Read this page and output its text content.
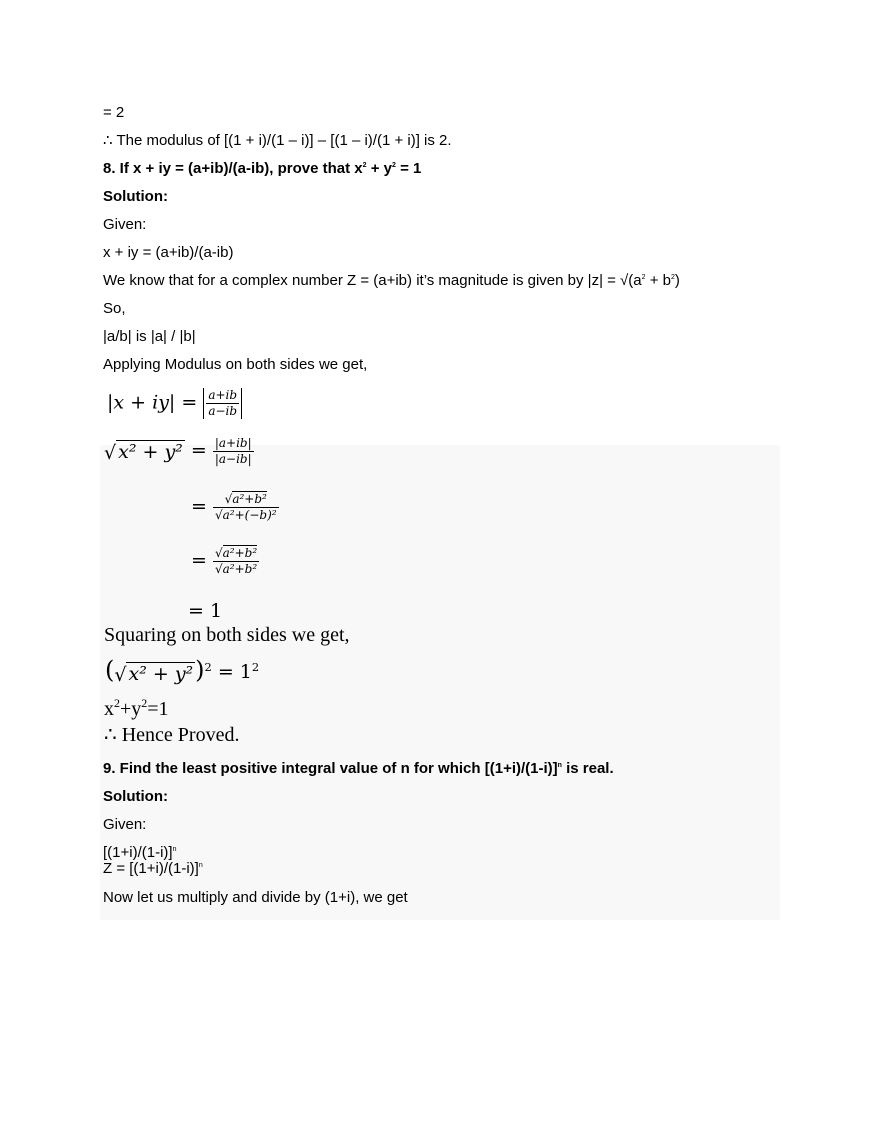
= 2
∴ The modulus of [(1 + i)/(1 – i)] – [(1 – i)/(1 + i)] is 2.
8. If x + iy = (a+ib)/(a-ib), prove that $x^2 + y^2 = 1$
Solution:
Given:
x + iy = (a+ib)/(a-ib)
We know that for a complex number Z = (a+ib) it’s magnitude is given by $|z| = √(a^2 + b^2)$
So,
|a/b| is |a| / |b|
Applying Modulus on both sides we get,
$|x + iy| = \frac{a+ib}{a-ib}$
√ $x^2 + y^2 = \frac{|a+ib|}{|a-ib|}$
= $\frac{\text{√a²+b²}}{\text{√a²+(−b)²}}$
= $\frac{\text{√a²+b²}}{\text{√a²+b²}}$
= 1
Squaring on both sides we get,
( √ x² + y² )$^2 = 1^2$
$x^2+y^2=1$
∴ Hence Proved.
9. Find the least positive integral value of n for which $[(1+i)/(1-i)]^n$ is real.
Solution:
Given:
$[(1+i)/(1-i)]^n$
$Z = [(1+i)/(1-i)]^n$
Now let us multiply and divide by (1+i), we get
